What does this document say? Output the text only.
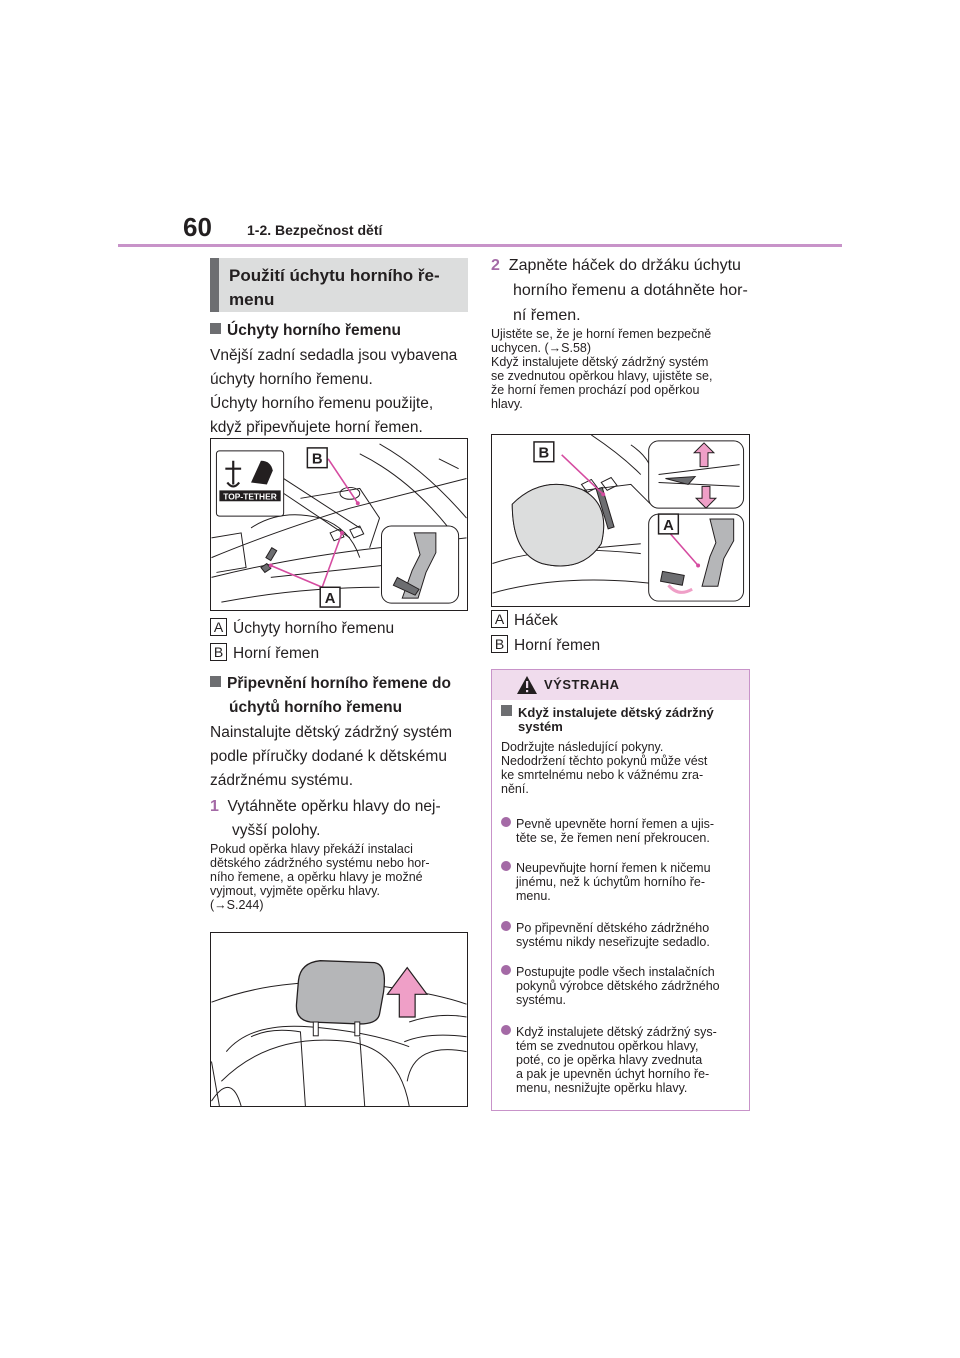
60	1-2. Bezpečnost dětí
Použití úchytu horního ře-
menu
Úchyty horního řemenu
Vnější zadní sedadla jsou vybavena
úchyty horního řemenu.
Úchyty horního řemenu použijte,
když připevňujete horní řemen.
TOP-TETHER
B
A
A Úchyty horního řemenu
B Horní řemen
Připevnění horního řemene do
úchytů horního řemenu
Nainstalujte dětský zádržný systém
podle příručky dodané k dětskému
zádržnému systému.
1 Vytáhněte opěrku hlavy do nej-
vyšší polohy.
Pokud opěrka hlavy překáží instalaci
dětského zádržného systému nebo hor-
ního řemene, a opěrku hlavy je možné
vyjmout, vyjměte opěrku hlavy.
(→S.244)
2 Zapněte háček do držáku úchytu
horního řemenu a dotáhněte hor-
ní řemen.
Ujistěte se, že je horní řemen bezpečně
uchycen. (→S.58)
Když instalujete dětský zádržný systém
se zvednutou opěrkou hlavy, ujistěte se,
že horní řemen prochází pod opěrkou
hlavy.
B
A
A Háček
B Horní řemen
VÝSTRAHA
Když instalujete dětský zádržný
systém
Dodržujte následující pokyny.
Nedodržení těchto pokynů může vést
ke smrtelnému nebo k vážnému zra-
nění.
Pevně upevněte horní řemen a ujis-
těte se, že řemen není překroucen.
Neupevňujte horní řemen k ničemu
jinému, než k úchytům horního ře-
menu.
Po připevnění dětského zádržného
systému nikdy neseřizujte sedadlo.
Postupujte podle všech instalačních
pokynů výrobce dětského zádržného
systému.
Když instalujete dětský zádržný sys-
tém se zvednutou opěrkou hlavy,
poté, co je opěrka hlavy zvednuta
a pak je upevněn úchyt horního ře-
menu, nesnižujte opěrku hlavy.
